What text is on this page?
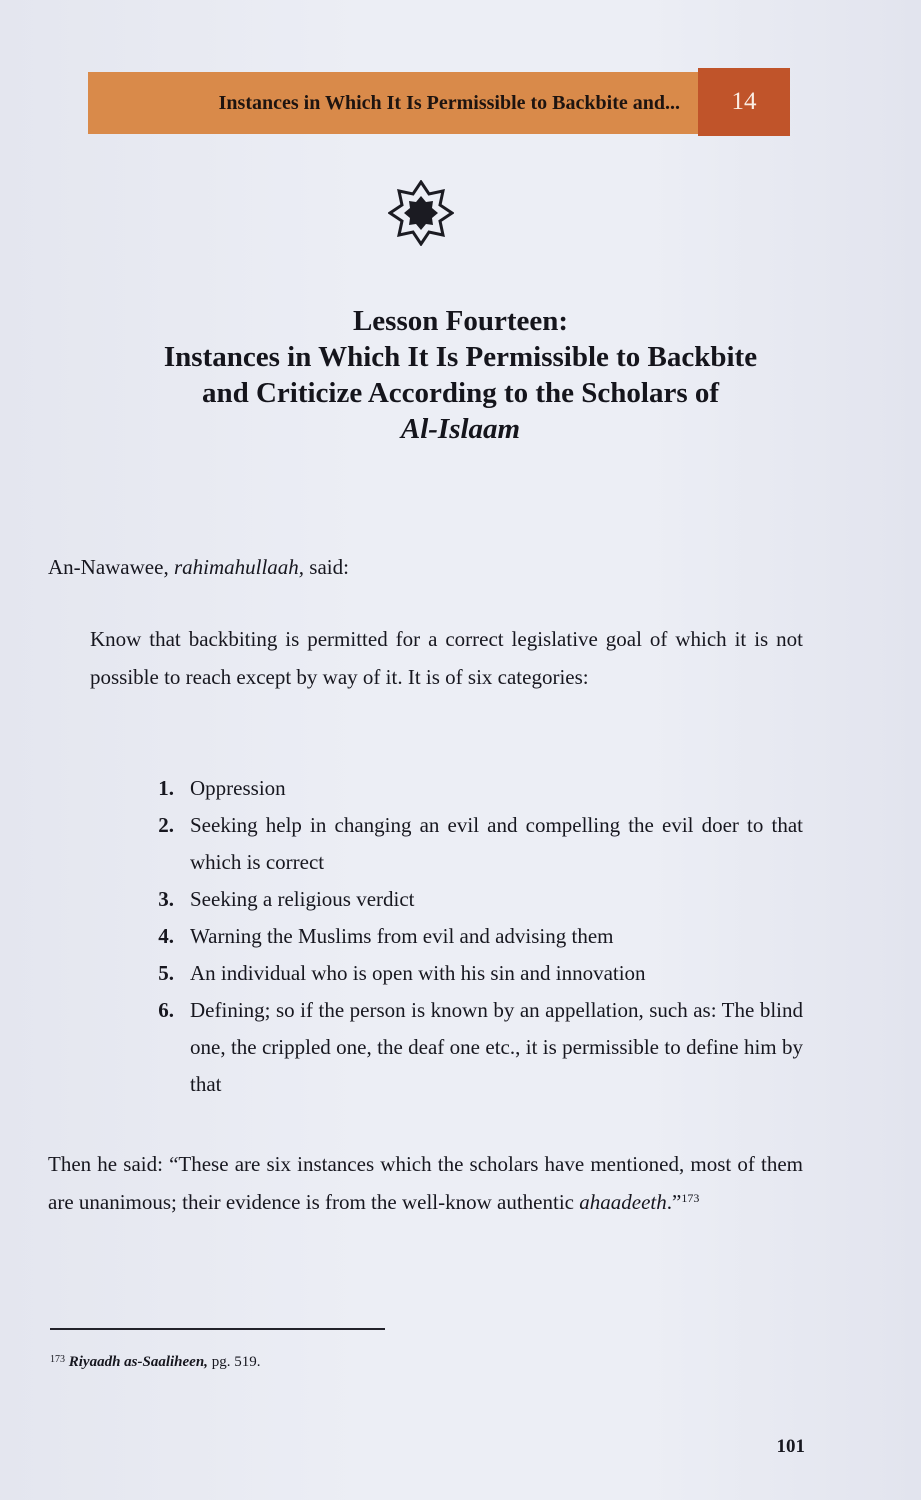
Instances in Which It Is Permissible to Backbite and... 14
Lesson Fourteen:
Instances in Which It Is Permissible to Backbite
and Criticize According to the Scholars of
Al-Islaam
An-Nawawee, rahimahullaah, said:
Know that backbiting is permitted for a correct legislative goal of which it is not possible to reach except by way of it. It is of six categories:
1. Oppression
2. Seeking help in changing an evil and compelling the evil doer to that which is correct
3. Seeking a religious verdict
4. Warning the Muslims from evil and advising them
5. An individual who is open with his sin and innovation
6. Defining; so if the person is known by an appellation, such as: The blind one, the crippled one, the deaf one etc., it is permissible to define him by that
Then he said: “These are six instances which the scholars have mentioned, most of them are unanimous; their evidence is from the well-know authentic ahaadeeth.”$^{173}$
$^{173}$ Riyaadh as-Saaliheen, pg. 519.
101
